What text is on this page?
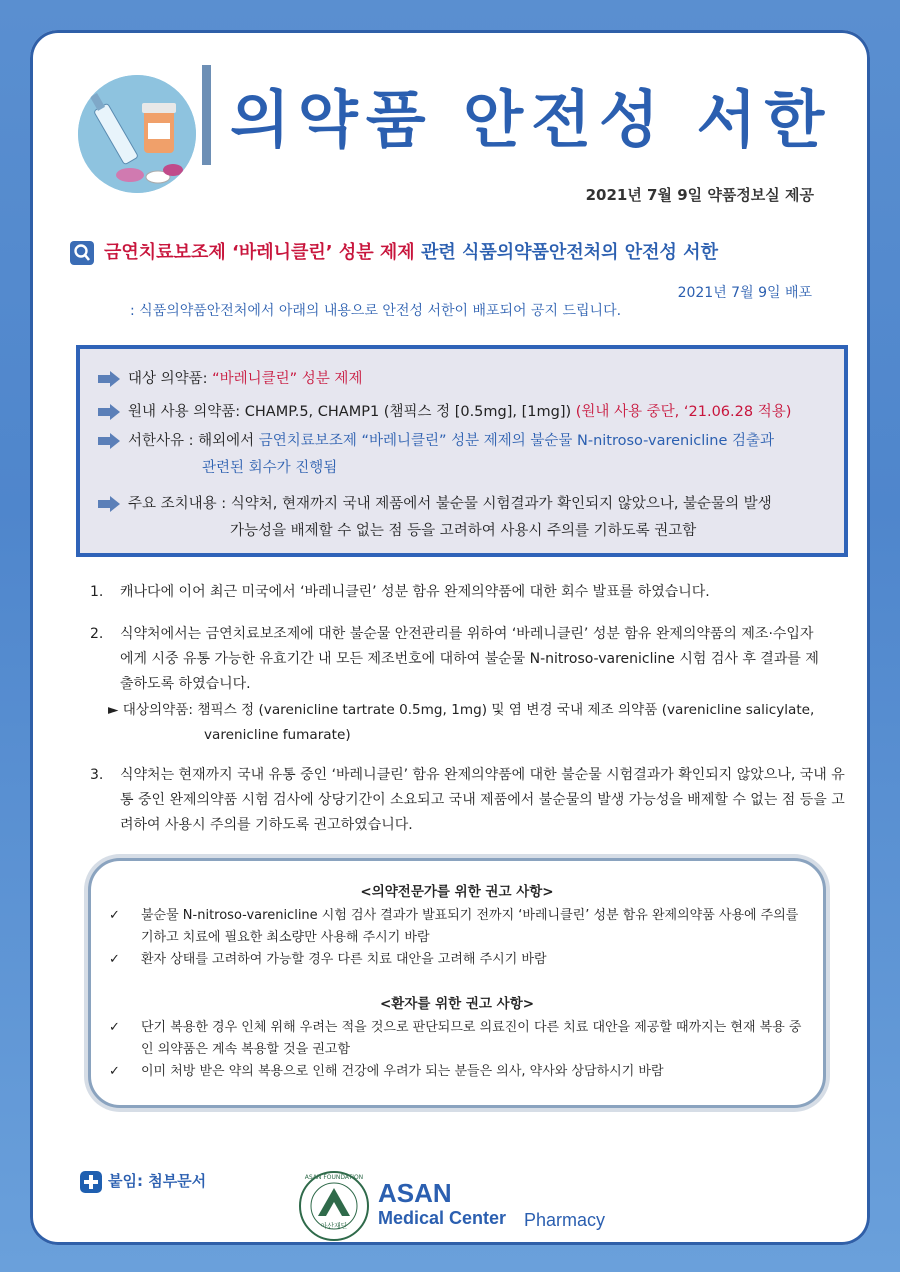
의약품 안전성 서한
2021년 7월 9일 약품정보실 제공
금연치료보조제 ‘바레니클린’ 성분 제제 관련 식품의약품안전처의 안전성 서한
2021년 7월 9일 배포
: 식품의약품안전처에서 아래의 내용으로 안전성 서한이 배포되어 공지 드립니다.
대상 의약품: “바레니클린” 성분 제제
원내 사용 의약품: CHAMP.5, CHAMP1 (챔픽스 정 [0.5mg], [1mg]) (원내 사용 중단, ‘21.06.28 적용)
서한사유 : 해외에서 금연치료보조제 “바레니클린” 성분 제제의 불순물 N-nitroso-varenicline 검출과
관련된 회수가 진행됨
주요 조치내용 : 식약처, 현재까지 국내 제품에서 불순물 시험결과가 확인되지 않았으나, 불순물의 발생
가능성을 배제할 수 없는 점 등을 고려하여 사용시 주의를 기하도록 권고함
1. 캐나다에 이어 최근 미국에서 ‘바레니클린’ 성분 함유 완제의약품에 대한 회수 발표를 하였습니다.
2. 식약처에서는 금연치료보조제에 대한 불순물 안전관리를 위하여 ‘바레니클린’ 성분 함유 완제의약품의 제조·수입자에게 시중 유통 가능한 유효기간 내 모든 제조번호에 대하여 불순물 N-nitroso-varenicline 시험 검사 후 결과를 제출하도록 하였습니다.
► 대상의약품: 챔픽스 정 (varenicline tartrate 0.5mg, 1mg) 및 염 변경 국내 제조 의약품 (varenicline salicylate,
varenicline fumarate)
3. 식약처는 현재까지 국내 유통 중인 ‘바레니클린’ 함유 완제의약품에 대한 불순물 시험결과가 확인되지 않았으나, 국내 유통 중인 완제의약품 시험 검사에 상당기간이 소요되고 국내 제품에서 불순물의 발생 가능성을 배제할 수 없는 점 등을 고려하여 사용시 주의를 기하도록 권고하였습니다.
<의약전문가를 위한 권고 사항>
✓ 불순물 N-nitroso-varenicline 시험 검사 결과가 발표되기 전까지 ‘바레니클린’ 성분 함유 완제의약품 사용에 주의를 기하고 치료에 필요한 최소량만 사용해 주시기 바람
✓ 환자 상태를 고려하여 가능할 경우 다른 치료 대안을 고려해 주시기 바람
<환자를 위한 권고 사항>
✓ 단기 복용한 경우 인체 위해 우려는 적을 것으로 판단되므로 의료진이 다른 치료 대안을 제공할 때까지는 현재 복용 중인 의약품은 계속 복용할 것을 권고함
✓ 이미 처방 받은 약의 복용으로 인해 건강에 우려가 되는 분들은 의사, 약사와 상담하시기 바람
붙임: 첨부문서	ASAN FOUNDATION
아산재단
ASAN
Medical Center Pharmacy
